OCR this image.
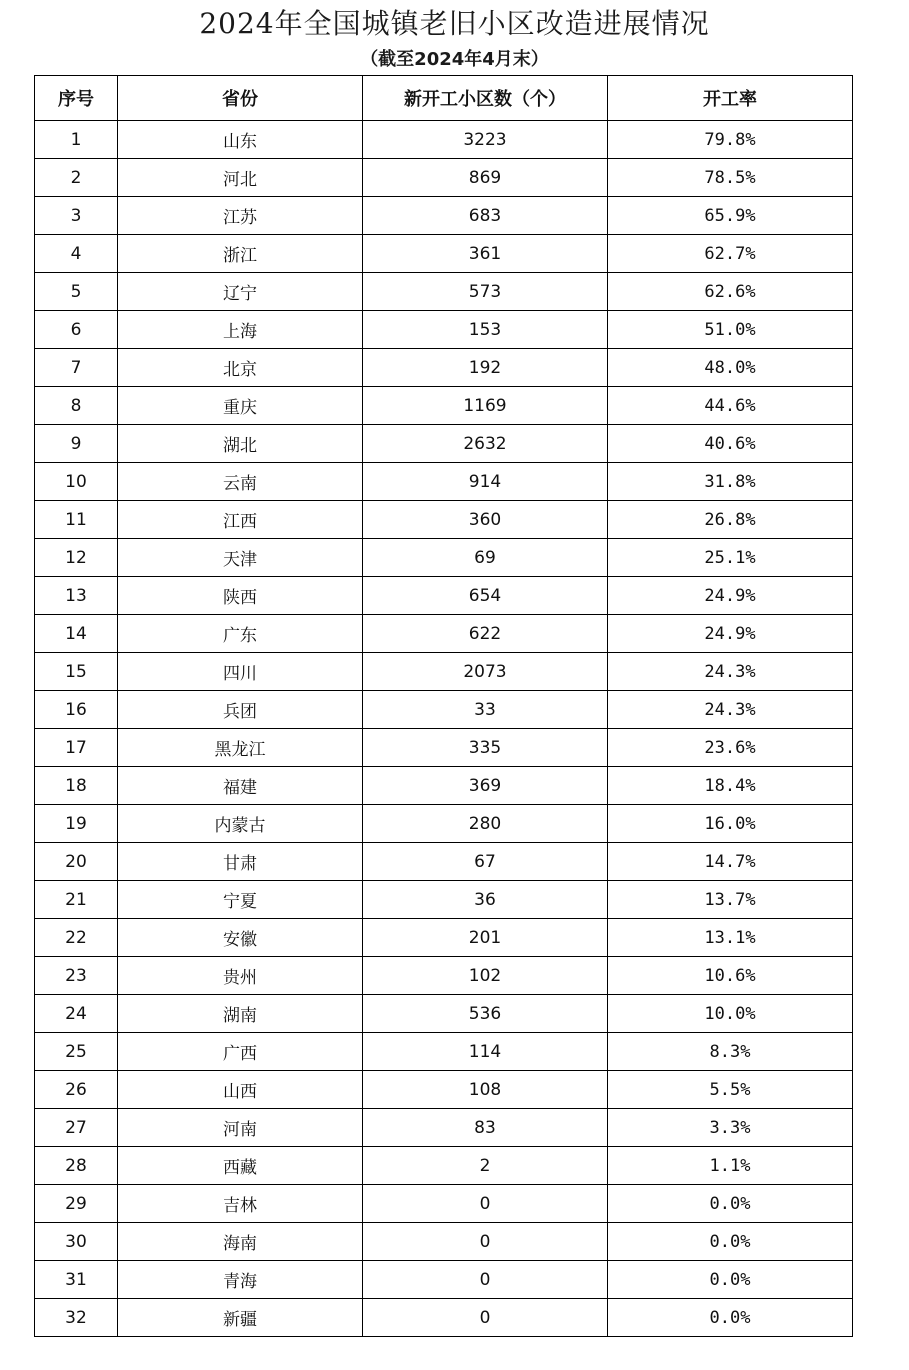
2024年全国城镇老旧小区改造进展情况
（截至2024年4月末）
序号	省份	新开工小区数（个）	开工率
1	山东	3223	79.8%
2	河北	869	78.5%
3	江苏	683	65.9%
4	浙江	361	62.7%
5	辽宁	573	62.6%
6	上海	153	51.0%
7	北京	192	48.0%
8	重庆	1169	44.6%
9	湖北	2632	40.6%
10	云南	914	31.8%
11	江西	360	26.8%
12	天津	69	25.1%
13	陕西	654	24.9%
14	广东	622	24.9%
15	四川	2073	24.3%
16	兵团	33	24.3%
17	黑龙江	335	23.6%
18	福建	369	18.4%
19	内蒙古	280	16.0%
20	甘肃	67	14.7%
21	宁夏	36	13.7%
22	安徽	201	13.1%
23	贵州	102	10.6%
24	湖南	536	10.0%
25	广西	114	8.3%
26	山西	108	5.5%
27	河南	83	3.3%
28	西藏	2	1.1%
29	吉林	0	0.0%
30	海南	0	0.0%
31	青海	0	0.0%
32	新疆	0	0.0%
